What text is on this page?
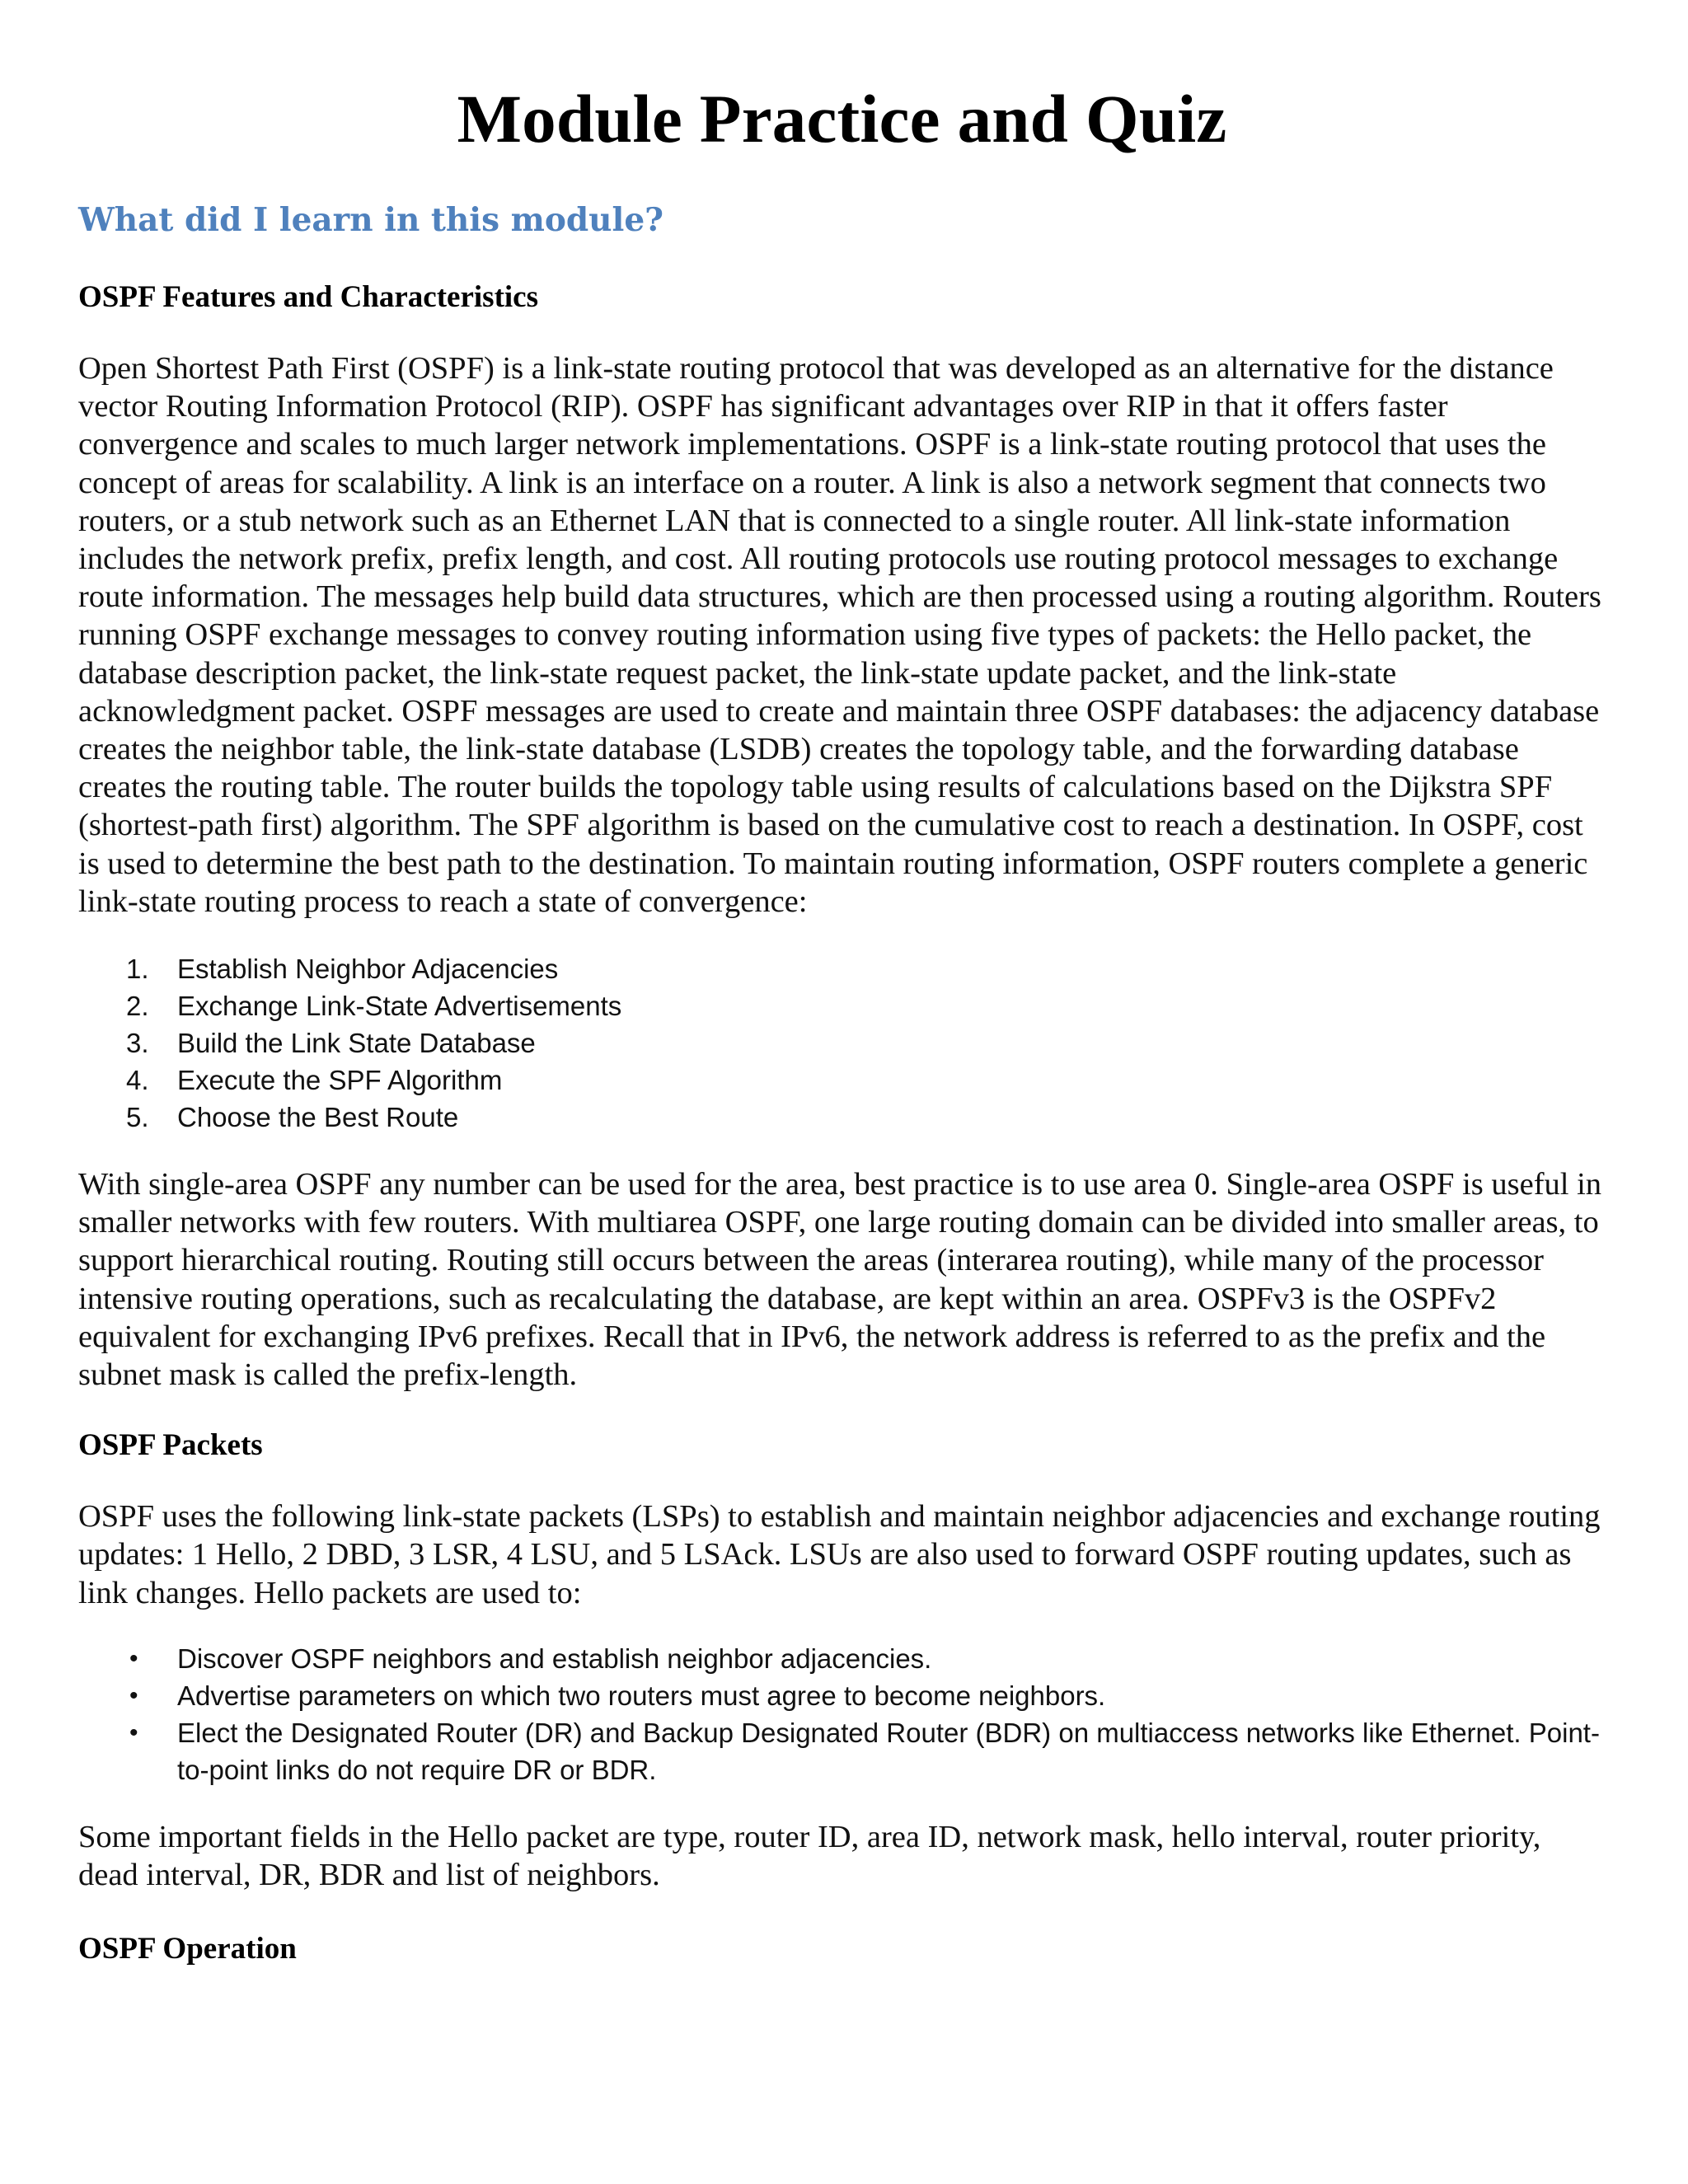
Module Practice and Quiz
What did I learn in this module?
OSPF Features and Characteristics

Open Shortest Path First (OSPF) is a link-state routing protocol that was developed as an alternative for the distance vector Routing Information Protocol (RIP). OSPF has significant advantages over RIP in that it offers faster convergence and scales to much larger network implementations. OSPF is a link-state routing protocol that uses the concept of areas for scalability. A link is an interface on a router. A link is also a network segment that connects two routers, or a stub network such as an Ethernet LAN that is connected to a single router. All link-state information includes the network prefix, prefix length, and cost. All routing protocols use routing protocol messages to exchange route information. The messages help build data structures, which are then processed using a routing algorithm. Routers running OSPF exchange messages to convey routing information using five types of packets: the Hello packet, the database description packet, the link-state request packet, the link-state update packet, and the link-state acknowledgment packet. OSPF messages are used to create and maintain three OSPF databases: the adjacency database creates the neighbor table, the link-state database (LSDB) creates the topology table, and the forwarding database creates the routing table. The router builds the topology table using results of calculations based on the Dijkstra SPF (shortest-path first) algorithm. The SPF algorithm is based on the cumulative cost to reach a destination. In OSPF, cost is used to determine the best path to the destination. To maintain routing information, OSPF routers complete a generic link-state routing process to reach a state of convergence:

1. Establish Neighbor Adjacencies
2. Exchange Link-State Advertisements
3. Build the Link State Database
4. Execute the SPF Algorithm
5. Choose the Best Route

With single-area OSPF any number can be used for the area, best practice is to use area 0. Single-area OSPF is useful in smaller networks with few routers. With multiarea OSPF, one large routing domain can be divided into smaller areas, to support hierarchical routing. Routing still occurs between the areas (interarea routing), while many of the processor intensive routing operations, such as recalculating the database, are kept within an area. OSPFv3 is the OSPFv2 equivalent for exchanging IPv6 prefixes. Recall that in IPv6, the network address is referred to as the prefix and the subnet mask is called the prefix-length.

OSPF Packets

OSPF uses the following link-state packets (LSPs) to establish and maintain neighbor adjacencies and exchange routing updates: 1 Hello, 2 DBD, 3 LSR, 4 LSU, and 5 LSAck. LSUs are also used to forward OSPF routing updates, such as link changes. Hello packets are used to:

• Discover OSPF neighbors and establish neighbor adjacencies.
• Advertise parameters on which two routers must agree to become neighbors.
• Elect the Designated Router (DR) and Backup Designated Router (BDR) on multiaccess networks like Ethernet. Point-to-point links do not require DR or BDR.

Some important fields in the Hello packet are type, router ID, area ID, network mask, hello interval, router priority, dead interval, DR, BDR and list of neighbors.

OSPF Operation
